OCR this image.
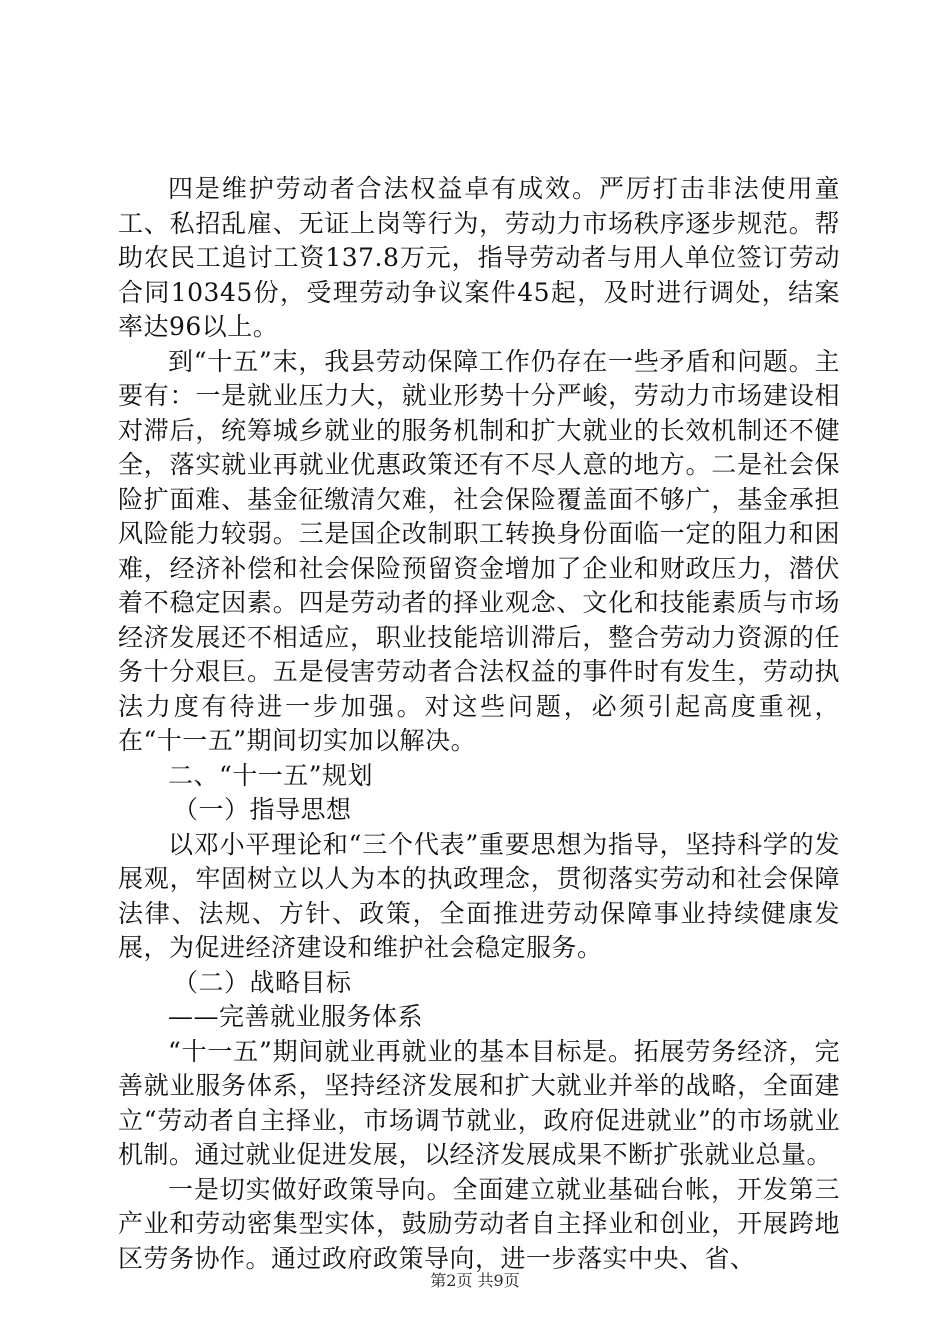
四是维护劳动者合法权益卓有成效。严厉打击非法使用童工、私招乱雇、无证上岗等行为，劳动力市场秩序逐步规范。帮助农民工追讨工资137.8万元，指导劳动者与用人单位签订劳动合同10345份，受理劳动争议案件45起，及时进行调处，结案率达96以上。

到“十五”末，我县劳动保障工作仍存在一些矛盾和问题。主要有：一是就业压力大，就业形势十分严峻，劳动力市场建设相对滞后，统筹城乡就业的服务机制和扩大就业的长效机制还不健全，落实就业再就业优惠政策还有不尽人意的地方。二是社会保险扩面难、基金征缴清欠难，社会保险覆盖面不够广，基金承担风险能力较弱。三是国企改制职工转换身份面临一定的阻力和困难，经济补偿和社会保险预留资金增加了企业和财政压力，潜伏着不稳定因素。四是劳动者的择业观念、文化和技能素质与市场经济发展还不相适应，职业技能培训滞后，整合劳动力资源的任务十分艰巨。五是侵害劳动者合法权益的事件时有发生，劳动执法力度有待进一步加强。对这些问题，必须引起高度重视，在“十一五”期间切实加以解决。

二、“十一五”规划

（一）指导思想

以邓小平理论和“三个代表”重要思想为指导，坚持科学的发展观，牢固树立以人为本的执政理念，贯彻落实劳动和社会保障法律、法规、方针、政策，全面推进劳动保障事业持续健康发展，为促进经济建设和维护社会稳定服务。

（二）战略目标

——完善就业服务体系

“十一五”期间就业再就业的基本目标是。拓展劳务经济，完善就业服务体系，坚持经济发展和扩大就业并举的战略，全面建立“劳动者自主择业，市场调节就业，政府促进就业”的市场就业机制。通过就业促进发展，以经济发展成果不断扩张就业总量。

一是切实做好政策导向。全面建立就业基础台帐，开发第三产业和劳动密集型实体，鼓励劳动者自主择业和创业，开展跨地区劳务协作。通过政府政策导向，进一步落实中央、省、

第2页 共9页
